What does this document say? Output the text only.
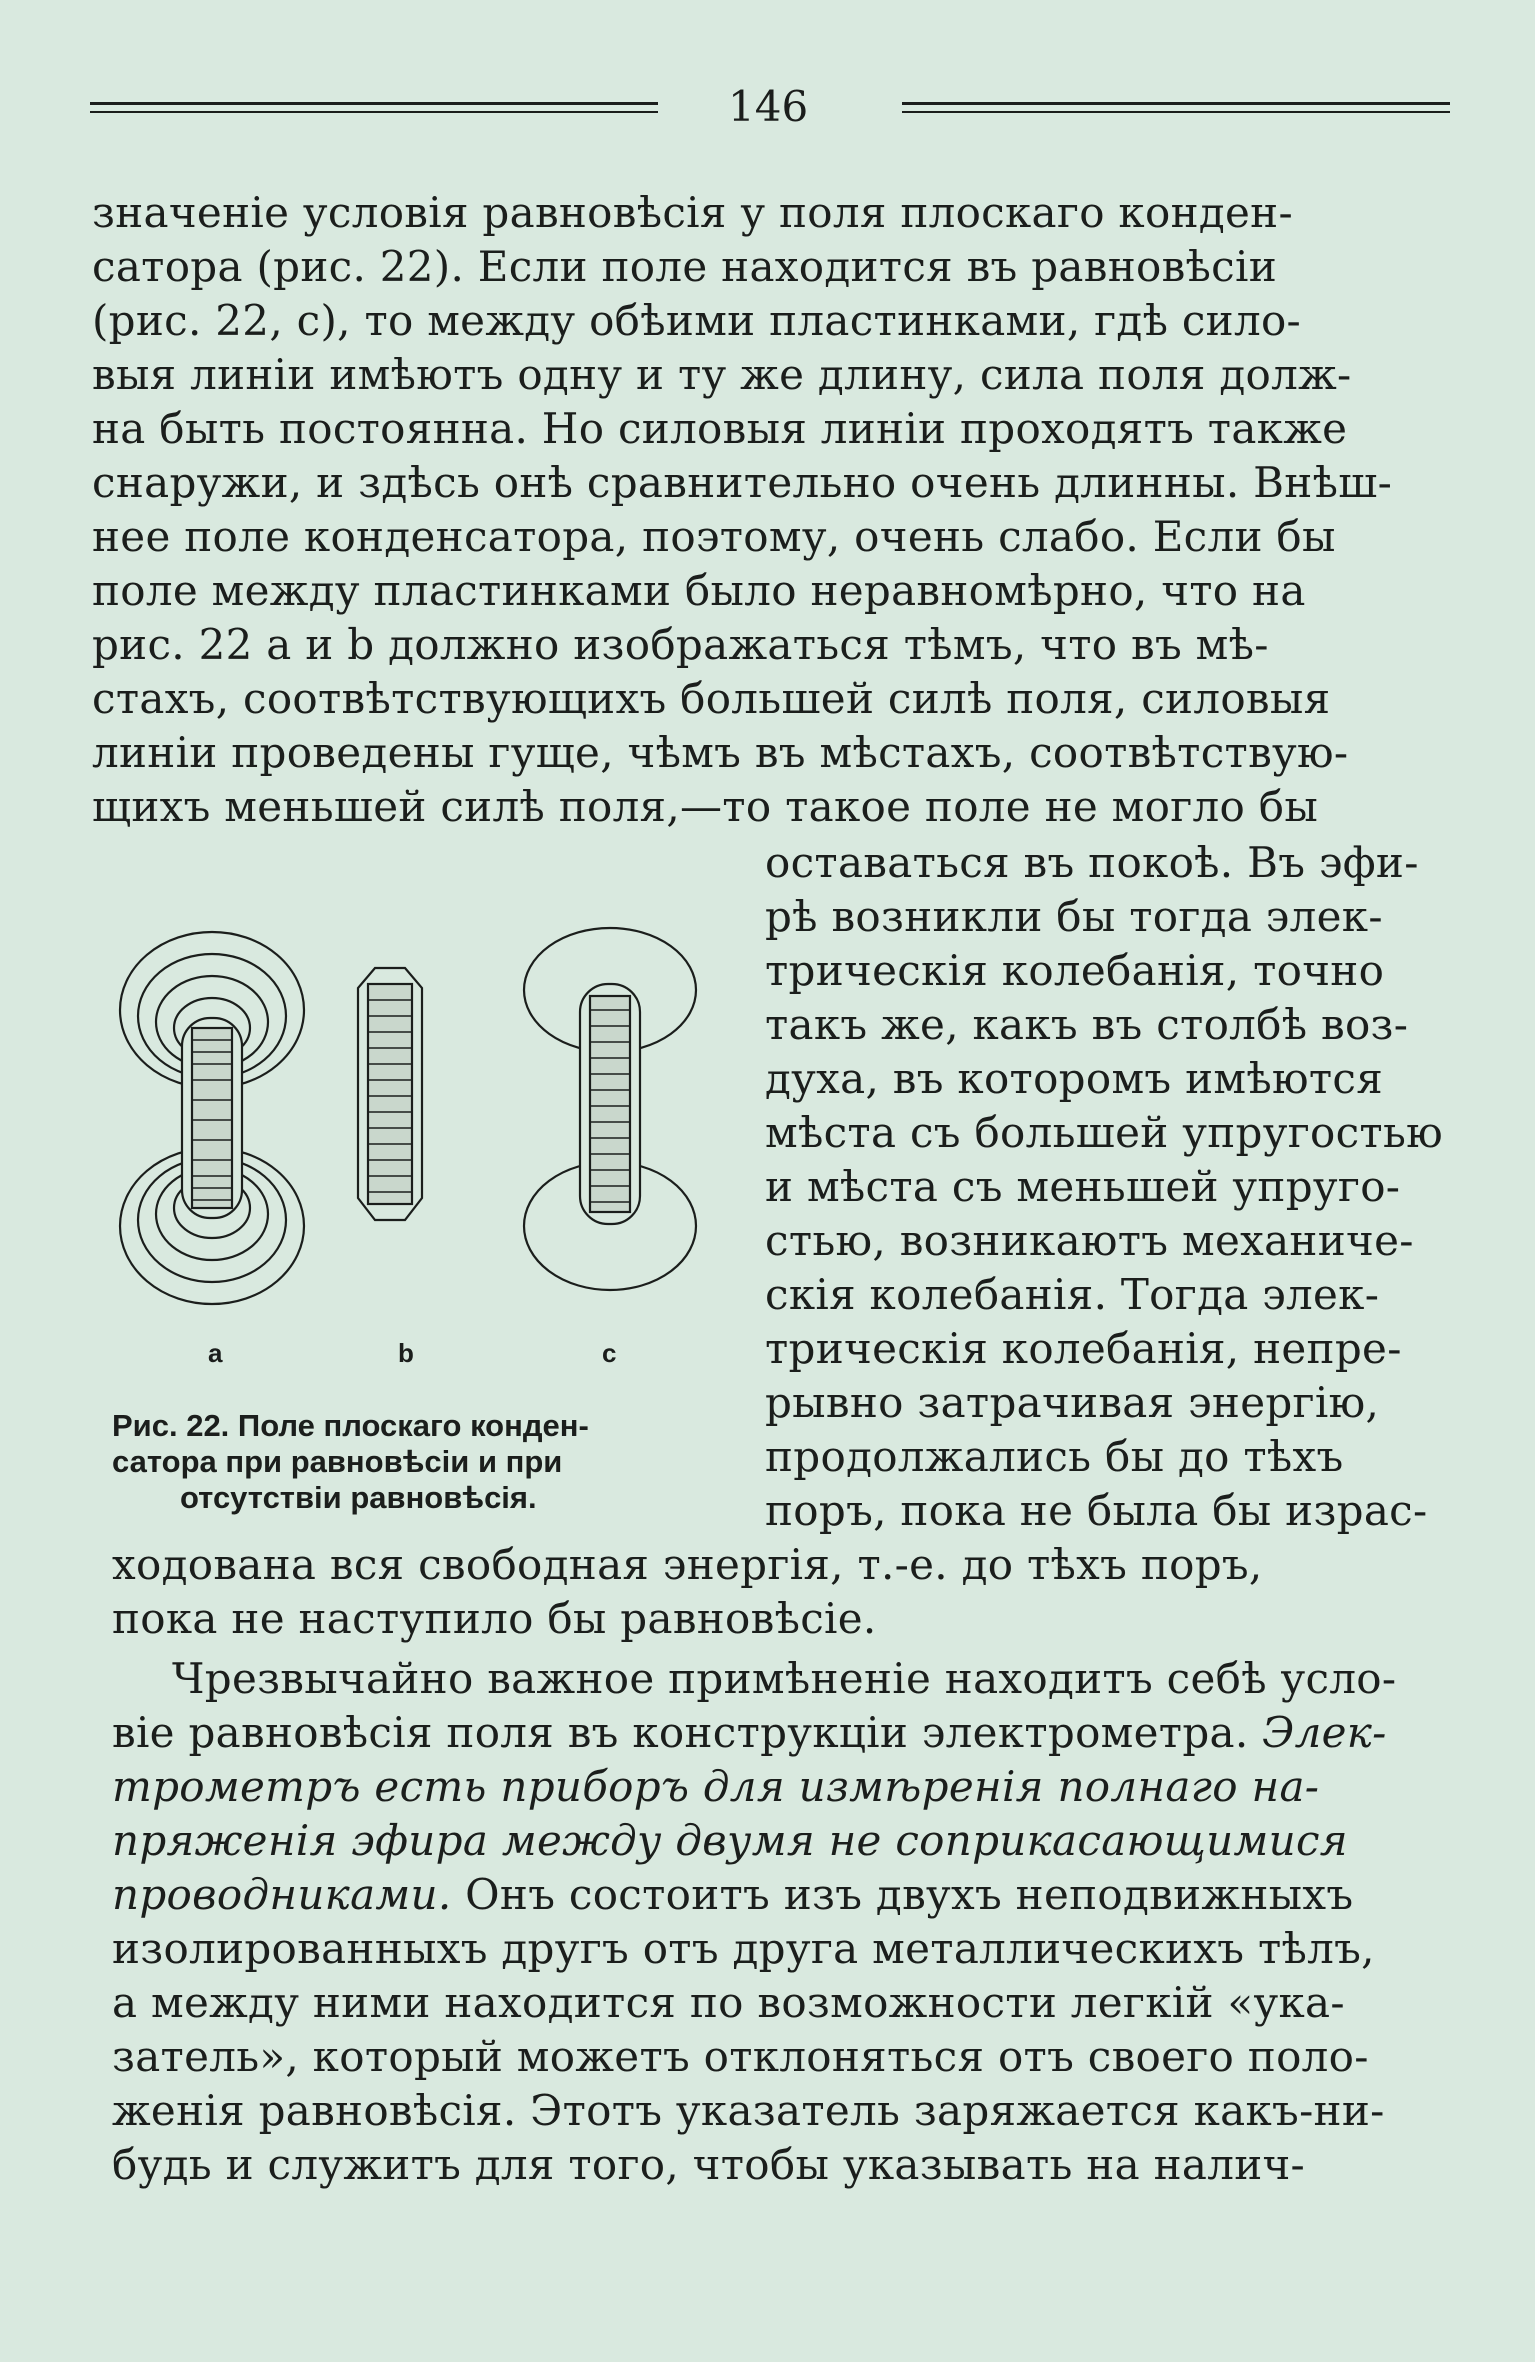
146
значенiе условiя равновѣсiя у поля плоскаго конден-
сатора (рис. 22). Если поле находится въ равновѣсiи
(рис. 22, с), то между обѣими пластинками, гдѣ сило-
выя линiи имѣютъ одну и ту же длину, сила поля долж-
на быть постоянна. Но силовыя линiи проходятъ также
снаружи, и здѣсь онѣ сравнительно очень длинны. Внѣш-
нее поле конденсатора, поэтому, очень слабо. Если бы
поле между пластинками было неравномѣрно, что на
рис. 22 a и b должно изображаться тѣмъ, что въ мѣ-
стахъ, соотвѣтствующихъ большей силѣ поля, силовыя
линiи проведены гуще, чѣмъ въ мѣстахъ, соотвѣтствую-
щихъ меньшей силѣ поля,—то такое поле не могло бы
оставаться въ покоѣ. Въ эфи-
рѣ возникли бы тогда элек-
трическiя колебанiя, точно
такъ же, какъ въ столбѣ воз-
духа, въ которомъ имѣются
мѣста съ большей упругостью
и мѣста съ меньшей упруго-
стью, возникаютъ механиче-
скiя колебанiя. Тогда элек-
трическiя колебанiя, непре-
рывно затрачивая энергiю,
продолжались бы до тѣхъ
поръ, пока не была бы израс-
ходована вся свободная энергiя, т.-е. до тѣхъ поръ,
пока не наступило бы равновѣсiе.
Чрезвычайно важное примѣненiе находитъ себѣ усло-
вiе равновѣсiя поля въ конструкцiи электрометра. Элек-
трометръ есть приборъ для измѣренiя полнаго на-
пряженiя эфира между двумя не соприкасающимися
проводниками. Онъ состоитъ изъ двухъ неподвижныхъ
изолированныхъ другъ отъ друга металлическихъ тѣлъ,
а между ними находится по возможности легкiй «ука-
затель», который можетъ отклоняться отъ своего поло-
женiя равновѣсiя. Этотъ указатель заряжается какъ-ни-
будь и служитъ для того, чтобы указывать на налич-
a	b	c
Рис. 22. Поле плоскаго конден-
сатора при равновѣсiи и при
отсутствiи равновѣсiя.
